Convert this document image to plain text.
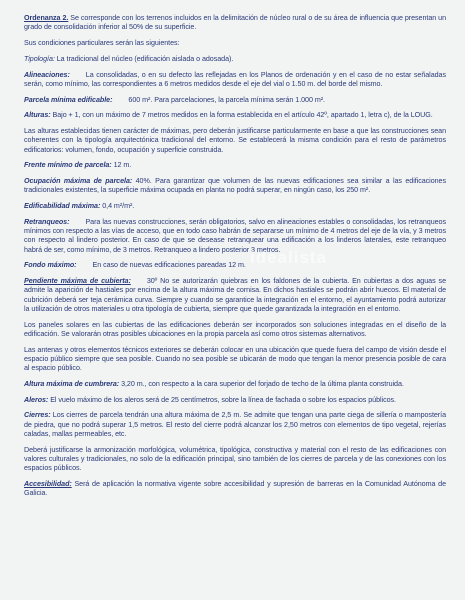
Ordenanza 2. Se corresponde con los terrenos incluidos en la delimitación de núcleo rural o de su área de influencia que presentan un grado de consolidación inferior al 50% de su superficie.

Sus condiciones particulares serán las siguientes:

Tipología: La tradicional del núcleo (edificación aislada o adosada).

Alineaciones: La consolidadas, o en su defecto las reflejadas en los Planos de ordenación y en el caso de no estar señaladas serán, como mínimo, las correspondientes a 6 metros medidos desde el eje del vial o 1.50 m. del borde del mismo.

Parcela mínima edificable: 600 m². Para parcelaciones, la parcela mínima serán 1.000 m².

Alturas: Bajo + 1, con un máximo de 7 metros medidos en la forma establecida en el artículo 42º, apartado 1, letra c), de la LOUG.

Las alturas establecidas tienen carácter de máximas, pero deberán justificarse particularmente en base a que las construcciones sean coherentes con la tipología arquitectónica tradicional del entorno. Se establecerá la misma condición para el resto de parámetros edificatorios: volumen, fondo, ocupación y superficie construida.

Frente mínimo de parcela: 12 m.

Ocupación máxima de parcela: 40%. Para garantizar que volumen de las nuevas edificaciones sea similar a las edificaciones tradicionales existentes, la superficie máxima ocupada en planta no podrá superar, en ningún caso, los 250 m².

Edificabilidad máxima: 0,4 m²/m².

Retranqueos: Para las nuevas construcciones, serán obligatorios, salvo en alineaciones estables o consolidadas, los retranqueos mínimos con respecto a las vías de acceso, que en todo caso habrán de separarse un mínimo de 4 metros del eje de la vía, y 3 metros con respecto al lindero posterior. En caso de que se desease retranquear una edificación a los linderos laterales, este retranqueo habrá de ser, como mínimo, de 3 metros. Retranqueo a lindero posterior 3 metros.

Fondo máximo: En caso de nuevas edificaciones pareadas 12 m.

Pendiente máxima de cubierta: 30º No se autorizarán quiebras en los faldones de la cubierta. En cubiertas a dos aguas se admite la aparición de hastiales por encima de la altura máxima de cornisa. En dichos hastiales se podrán abrir huecos. El material de cubrición deberá ser teja cerámica curva. Siempre y cuando se garantice la integración en el entorno, el ayuntamiento podrá autorizar la utilización de otros materiales u otra tipología de cubierta, siempre que quede garantizada la integración en el entorno.

Los paneles solares en las cubiertas de las edificaciones deberán ser incorporados son soluciones integradas en el diseño de la edificación. Se valorarán otras posibles ubicaciones en la propia parcela así como otros sistemas alternativos.

Las antenas y otros elementos técnicos exteriores se deberán colocar en una ubicación que quede fuera del campo de visión desde el espacio público siempre que sea posible. Cuando no sea posible se ubicarán de modo que tengan la menor presencia posible de cara al espacio público.

Altura máxima de cumbrera: 3,20 m., con respecto a la cara superior del forjado de techo de la última planta construida.

Aleros: El vuelo máximo de los aleros será de 25 centímetros, sobre la línea de fachada o sobre los espacios públicos.

Cierres: Los cierres de parcela tendrán una altura máxima de 2,5 m. Se admite que tengan una parte ciega de sillería o mampostería de piedra, que no podrá superar 1,5 metros. El resto del cierre podrá alcanzar los 2,50 metros con elementos de tipo vegetal, rejerías caladas, mallas permeables, etc.

Deberá justificarse la armonización morfológica, volumétrica, tipológica, constructiva y material con el resto de las edificaciones con valores culturales y tradicionales, no solo de la edificación principal, sino también de los cierres de parcela y de las conexiones con los espacios públicos.

Accesibilidad: Será de aplicación la normativa vigente sobre accesibilidad y supresión de barreras en la Comunidad Autónoma de Galicia.

idealista
